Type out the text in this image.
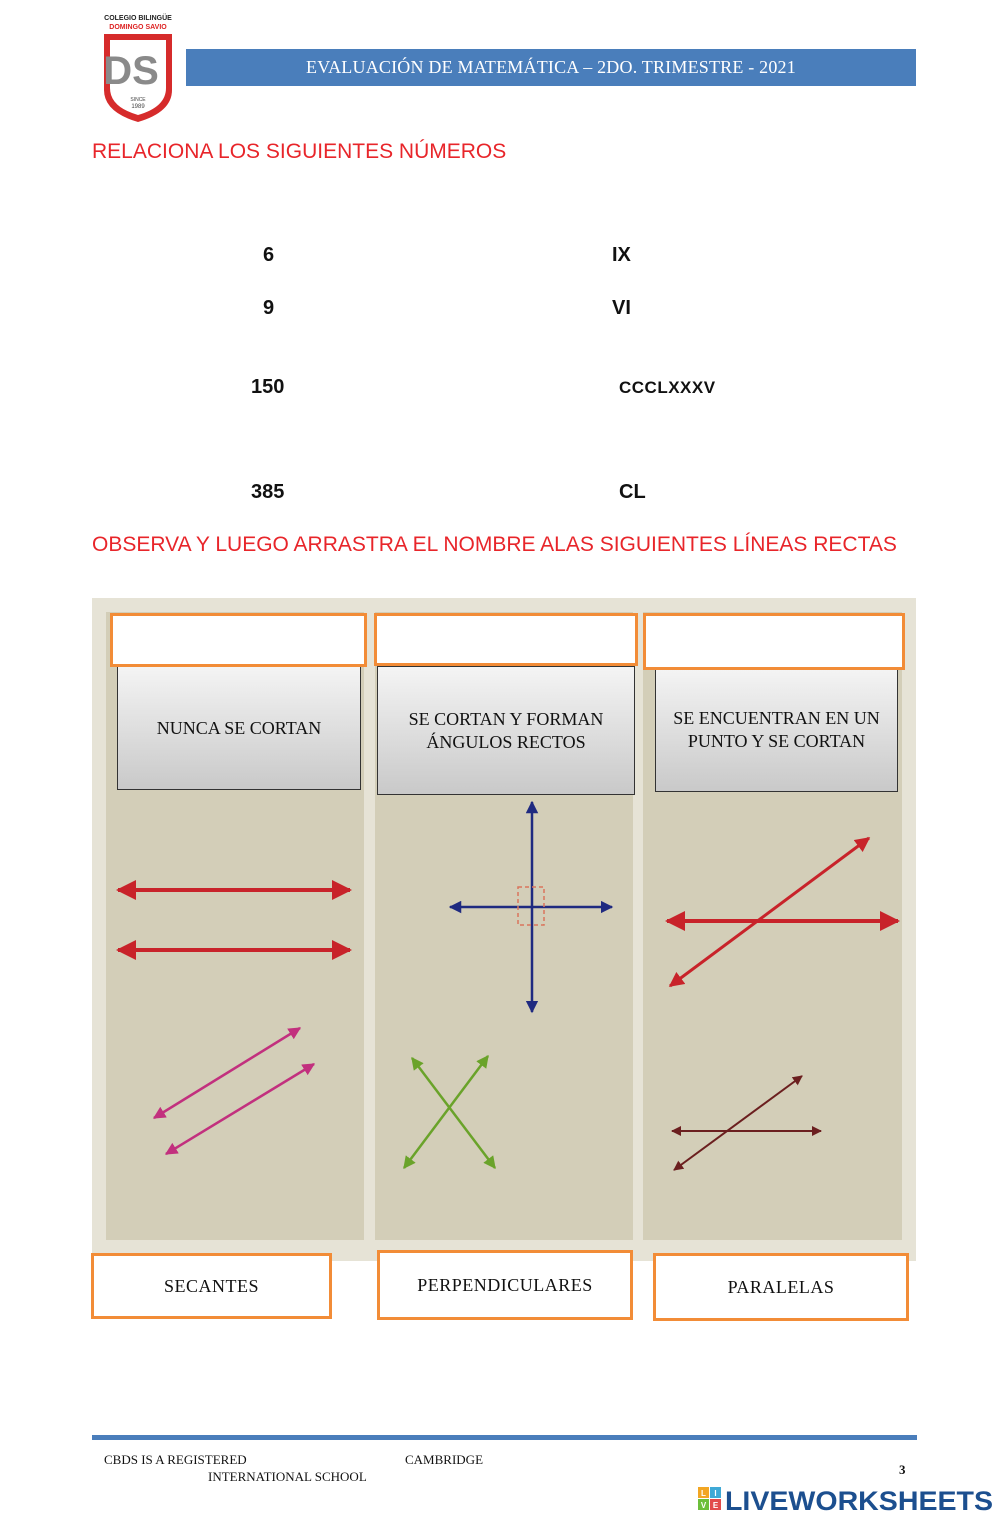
COLEGIO BILINGÜE
DOMINGO SAVIO
DS
SINCE
1989
EVALUACIÓN DE MATEMÁTICA – 2DO. TRIMESTRE - 2021
RELACIONA LOS SIGUIENTES NÚMEROS
6
9
150
385
IX
VI
CCCLXXXV
CL
OBSERVA Y LUEGO ARRASTRA EL NOMBRE ALAS SIGUIENTES LÍNEAS RECTAS
NUNCA SE CORTAN	SE CORTAN Y FORMAN ÁNGULOS RECTOS
SE ENCUENTRAN EN UN PUNTO Y SE CORTAN
SECANTES	PERPENDICULARES	PARALELAS
CBDS IS A REGISTERED
INTERNATIONAL SCHOOL
CAMBRIDGE
3
L I
V E LIVEWORKSHEETS
